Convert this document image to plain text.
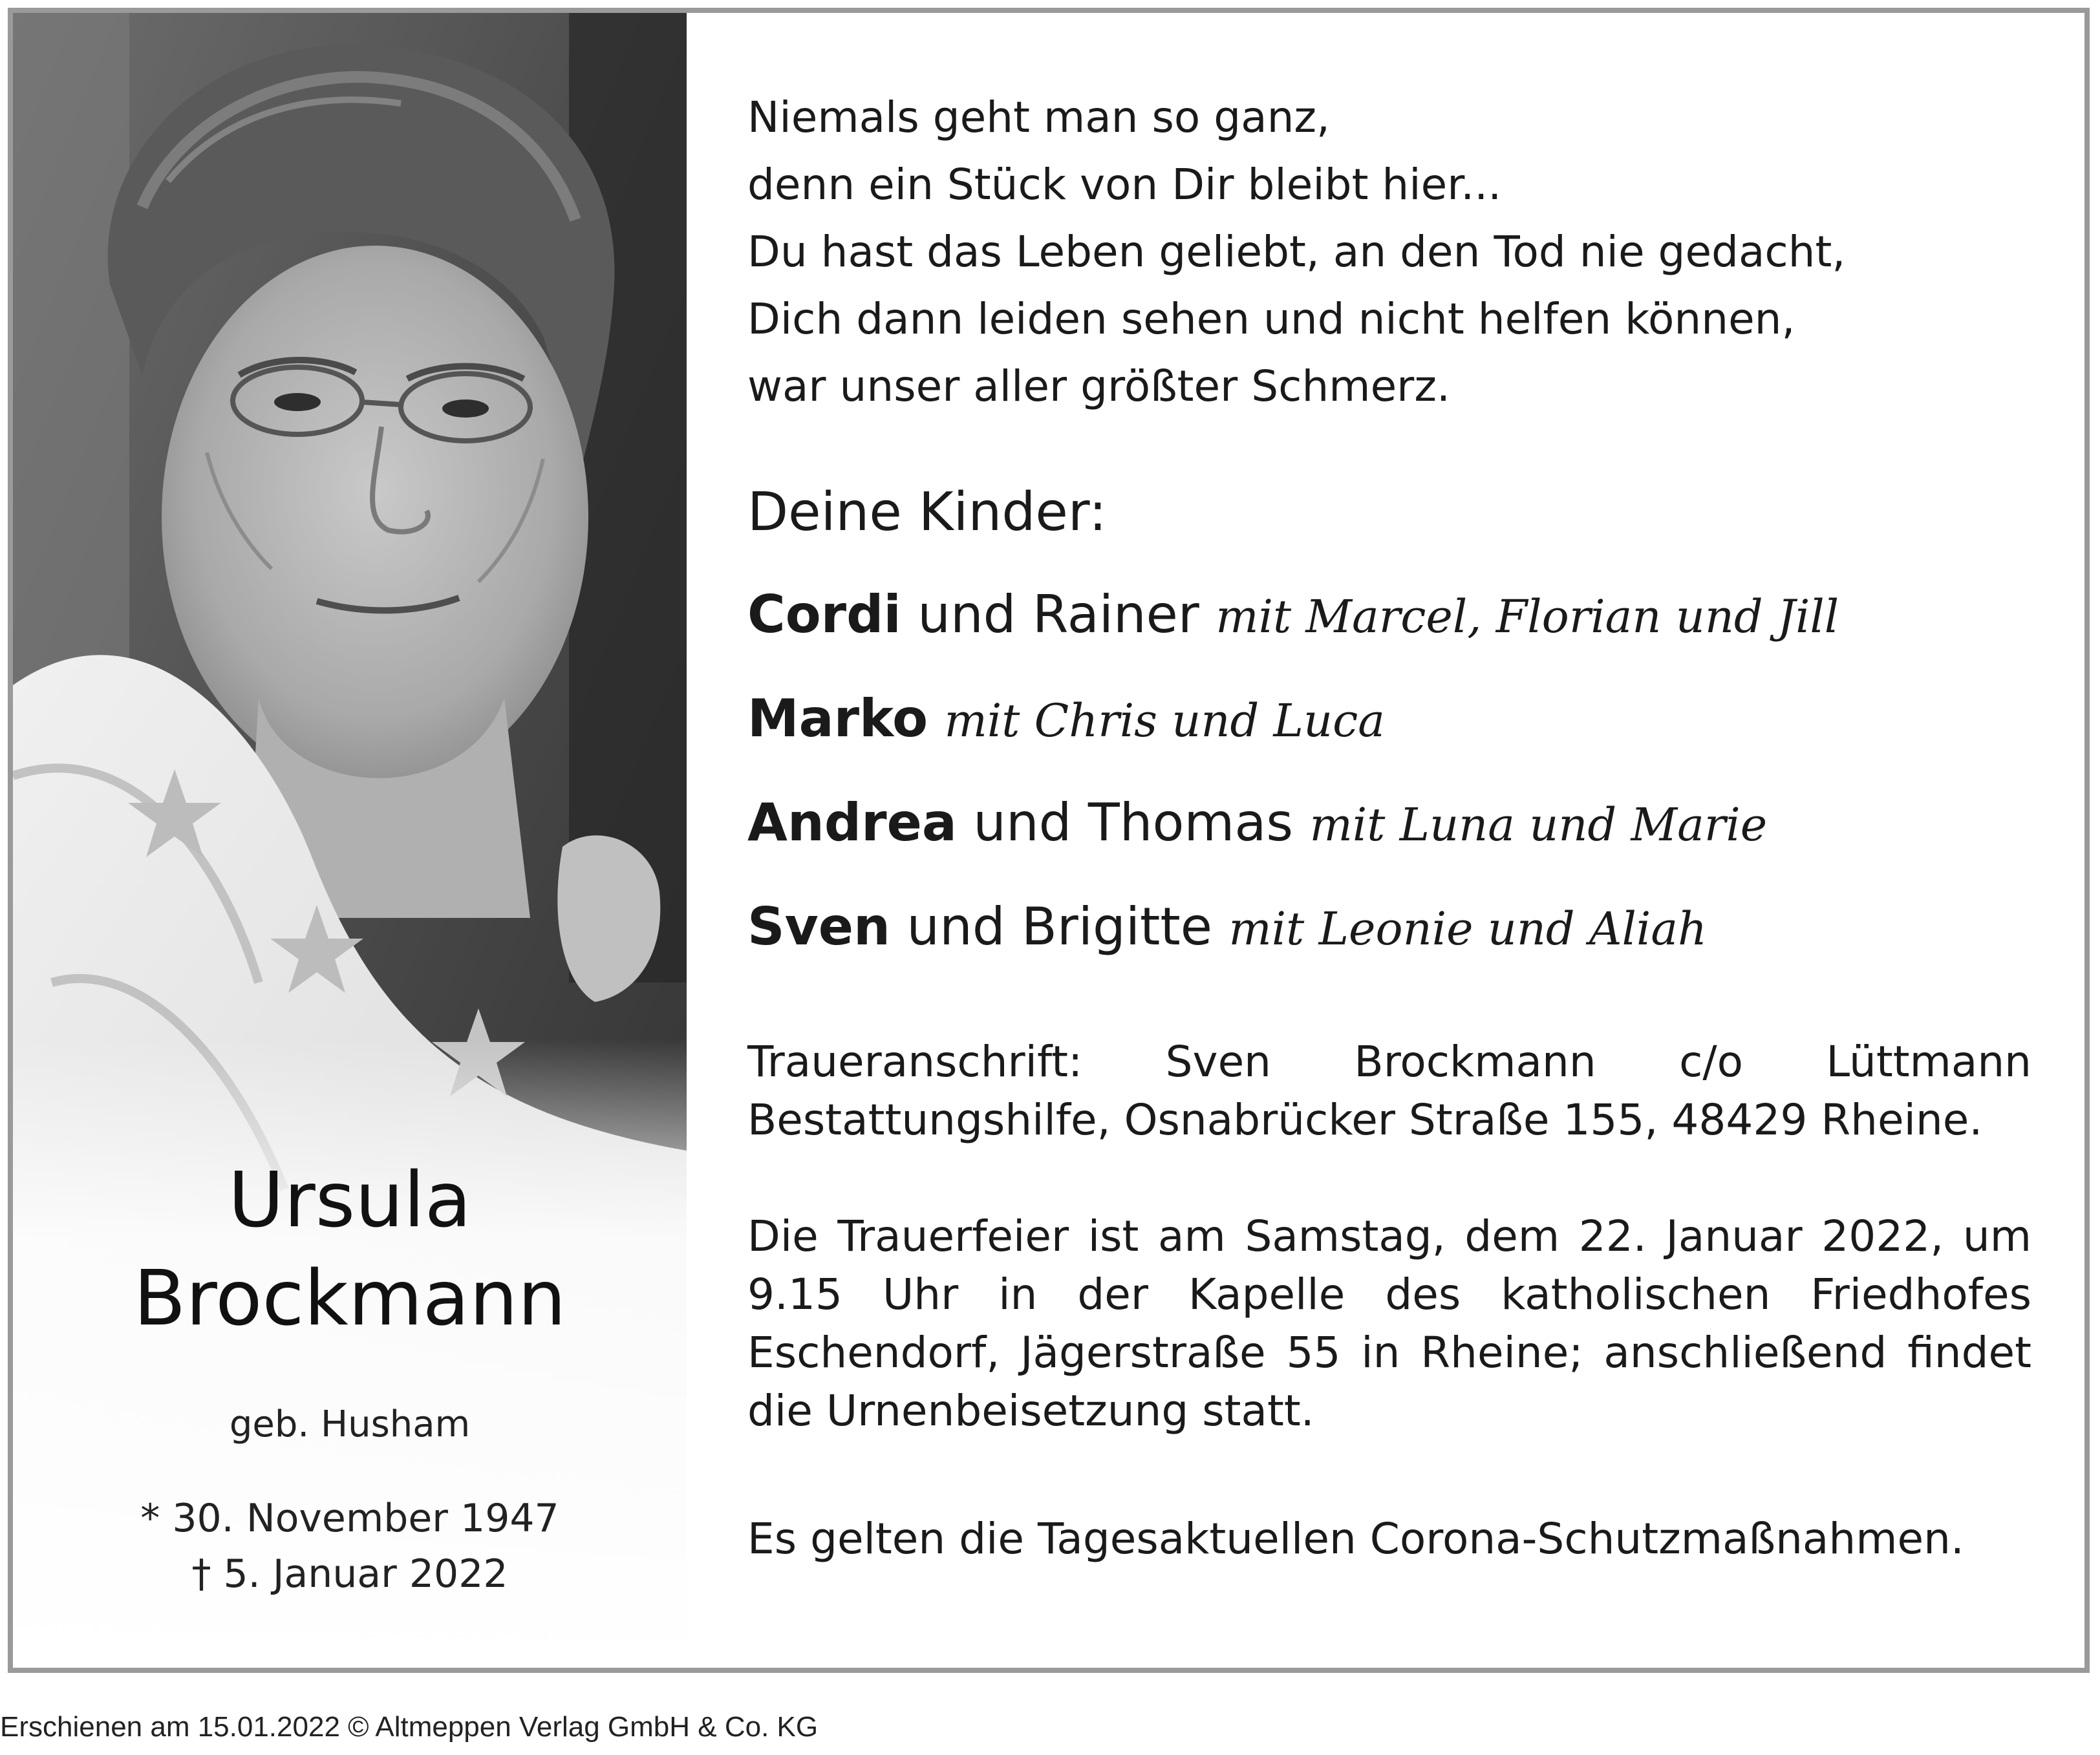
Ursula
Brockmann
geb. Husham
* 30. November 1947
† 5. Januar 2022
Niemals geht man so ganz,
denn ein Stück von Dir bleibt hier...
Du hast das Leben geliebt, an den Tod nie gedacht,
Dich dann leiden sehen und nicht helfen können,
war unser aller größter Schmerz.
Deine Kinder:
Cordi und Rainer mit Marcel, Florian und Jill
Marko mit Chris und Luca
Andrea und Thomas mit Luna und Marie
Sven und Brigitte mit Leonie und Aliah
Traueranschrift: Sven Brockmann c/o Lüttmann Bestattungshilfe, Osnabrücker Straße 155, 48429 Rheine.
Die Trauerfeier ist am Samstag, dem 22. Januar 2022, um 9.15 Uhr in der Kapelle des katholischen Friedhofes Eschendorf, Jägerstraße 55 in Rheine; anschließend findet die Urnenbeisetzung statt.
Es gelten die Tagesaktuellen Corona-Schutzmaßnahmen.
Erschienen am 15.01.2022 © Altmeppen Verlag GmbH & Co. KG
